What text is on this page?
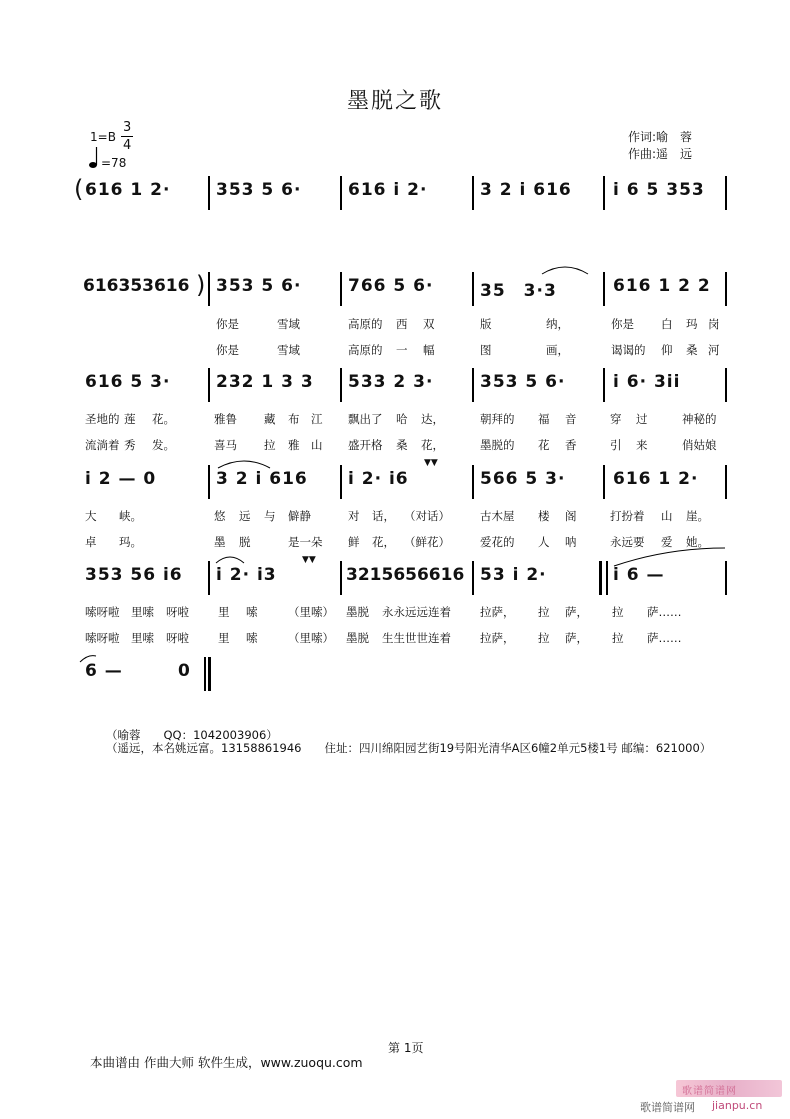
墨脱之歌
1=B
3
4
=78
作词:喻　蓉
作曲:遥　远
( 616 1 2·	353 5 6·	616 i 2·	3 2 i 616 i 6 5 353
616353616 ) 353 5 6·	766 5 6·	35　3·3	616 1 2 2
你是	雪域	高原的 西 双	版	纳，	你是 白 玛 岗
你是	雪域	高原的 一 幅	图	画，	谒谒的 仰 桑 河
616 5 3·	232 1 3 3 533 2 3·	353 5 6·	i 6· 3ii
圣地的 莲 花。	雅鲁 藏 布 江 飘出了 哈 达，	朝拜的 福 音	穿 过	神秘的
流淌着 秀 发。	喜马 拉 雅 山 盛开格 桑 花，	墨脱的 花 香	引 来	俏姑娘
i 2 — 0	3 2 i 616 i 2· i6
▼▼
566 5 3·	616 1 2·
大 峡。	悠 远 与 僻静	对 话， （对话）	古木屋 楼 阁	打扮着 山 崖。
卓 玛。	墨 脱	是一朵 鲜 花， （鲜花）	爱花的 人 呐	永远要 爱 她。
353 56 i6 i 2· i3
▼▼
3215656616 53 i 2·	i 6 —
嗦呀啦 里嗦 呀啦	里 嗦	（里嗦） 墨脱 永永远远连着	拉萨， 拉 萨， 拉 萨……
嗦呀啦 里嗦 呀啦	里 嗦	（里嗦） 墨脱 生生世世连着	拉萨， 拉 萨， 拉 萨……
6 —	0
（喻蓉　　QQ：1042003906）
（遥远，本名姚远富。13158861946　　住址：四川绵阳园艺街19号阳光清华A区6幢2单元5楼1号 邮编：621000）
第 1页
本曲谱由 作曲大师 软件生成，www.zuoqu.com
歌谱简谱网
歌谱简谱网 jianpu.cn
